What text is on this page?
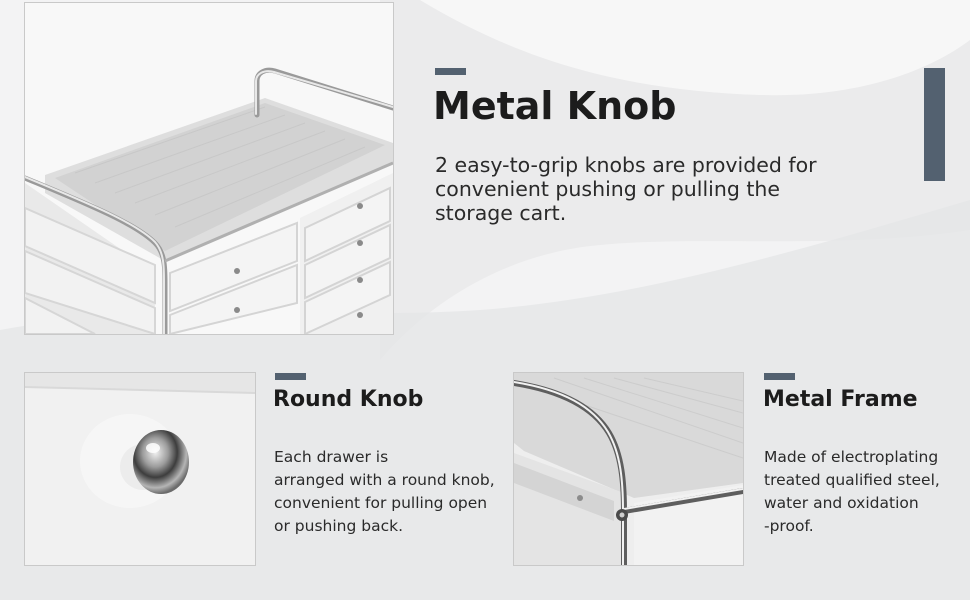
Metal Knob

2 easy-to-grip knobs are provided for
convenient pushing or pulling the
storage cart.

Round Knob

Each drawer is
arranged with a round knob,
convenient for pulling open
or pushing back.

Metal Frame

Made of electroplating
treated qualified steel,
water and oxidation
-proof.
